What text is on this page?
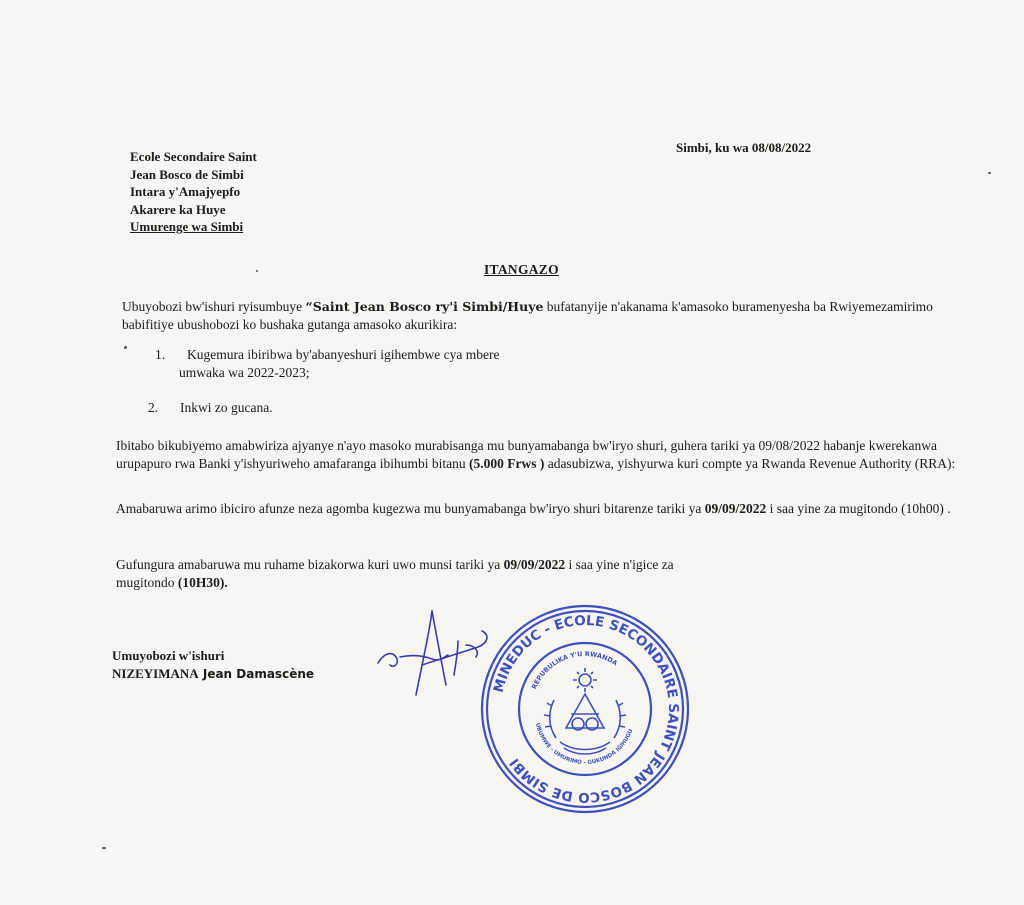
Ecole Secondaire Saint
Jean Bosco de Simbi
Intara y'Amajyepfo
Akarere ka Huye
Umurenge wa Simbi
Simbi, ku wa 08/08/2022
ITANGAZO
Ubuyobozi bw'ishuri ryisumbuye “Saint Jean Bosco ry'i Simbi/Huye bufatanyije n'akanama k'amasoko buramenyesha ba Rwiyemezamirimo babifitiye ubushobozi ko bushaka gutanga amasoko akurikira:
1. Kugemura ibiribwa by'abanyeshuri igihembwe cya mbere
umwaka wa 2022-2023;
2. Inkwi zo gucana.
Ibitabo bikubiyemo amabwiriza ajyanye n'ayo masoko murabisanga mu bunyamabanga bw'iryo shuri, guhera tariki ya 09/08/2022 habanje kwerekanwa urupapuro rwa Banki y'ishyuriweho amafaranga ibihumbi bitanu (5.000 Frws ) adasubizwa, yishyurwa kuri compte ya Rwanda Revenue Authority (RRA):
Amabaruwa arimo ibiciro afunze neza agomba kugezwa mu bunyamabanga bw'iryo shuri bitarenze tariki ya 09/09/2022 i saa yine za mugitondo (10h00) .
Gufungura amabaruwa mu ruhame bizakorwa kuri uwo munsi tariki ya 09/09/2022 i saa yine n'igice za mugitondo (10H30).
Umuyobozi w'ishuri
NIZEYIMANA Jean Damascène
MINEDUC - ECOLE SECONDAIRE SAINT JEAN BOSCO DE SIMBI
REPUBULIKA Y'U RWANDA
UBUMWE - UMURIMO - GUKUNDA IGIHUGU
